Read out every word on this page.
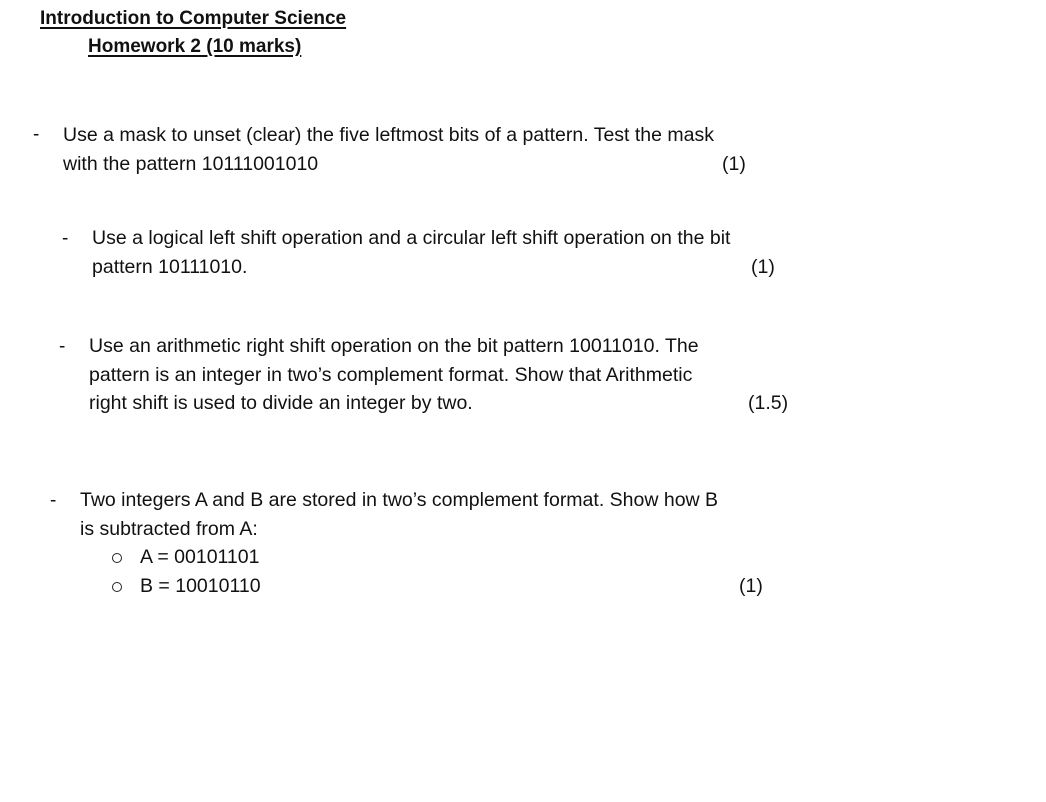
Introduction to Computer Science
Homework 2 (10 marks)
- Use a mask to unset (clear) the five leftmost bits of a pattern. Test the mask
with the pattern 10111001010	(1)
- Use a logical left shift operation and a circular left shift operation on the bit
pattern 10111010.	(1)
- Use an arithmetic right shift operation on the bit pattern 10011010. The
pattern is an integer in two’s complement format. Show that Arithmetic
right shift is used to divide an integer by two.	(1.5)
- Two integers A and B are stored in two’s complement format. Show how B
is subtracted from A:
A = 00101101
B = 10010110	(1)
